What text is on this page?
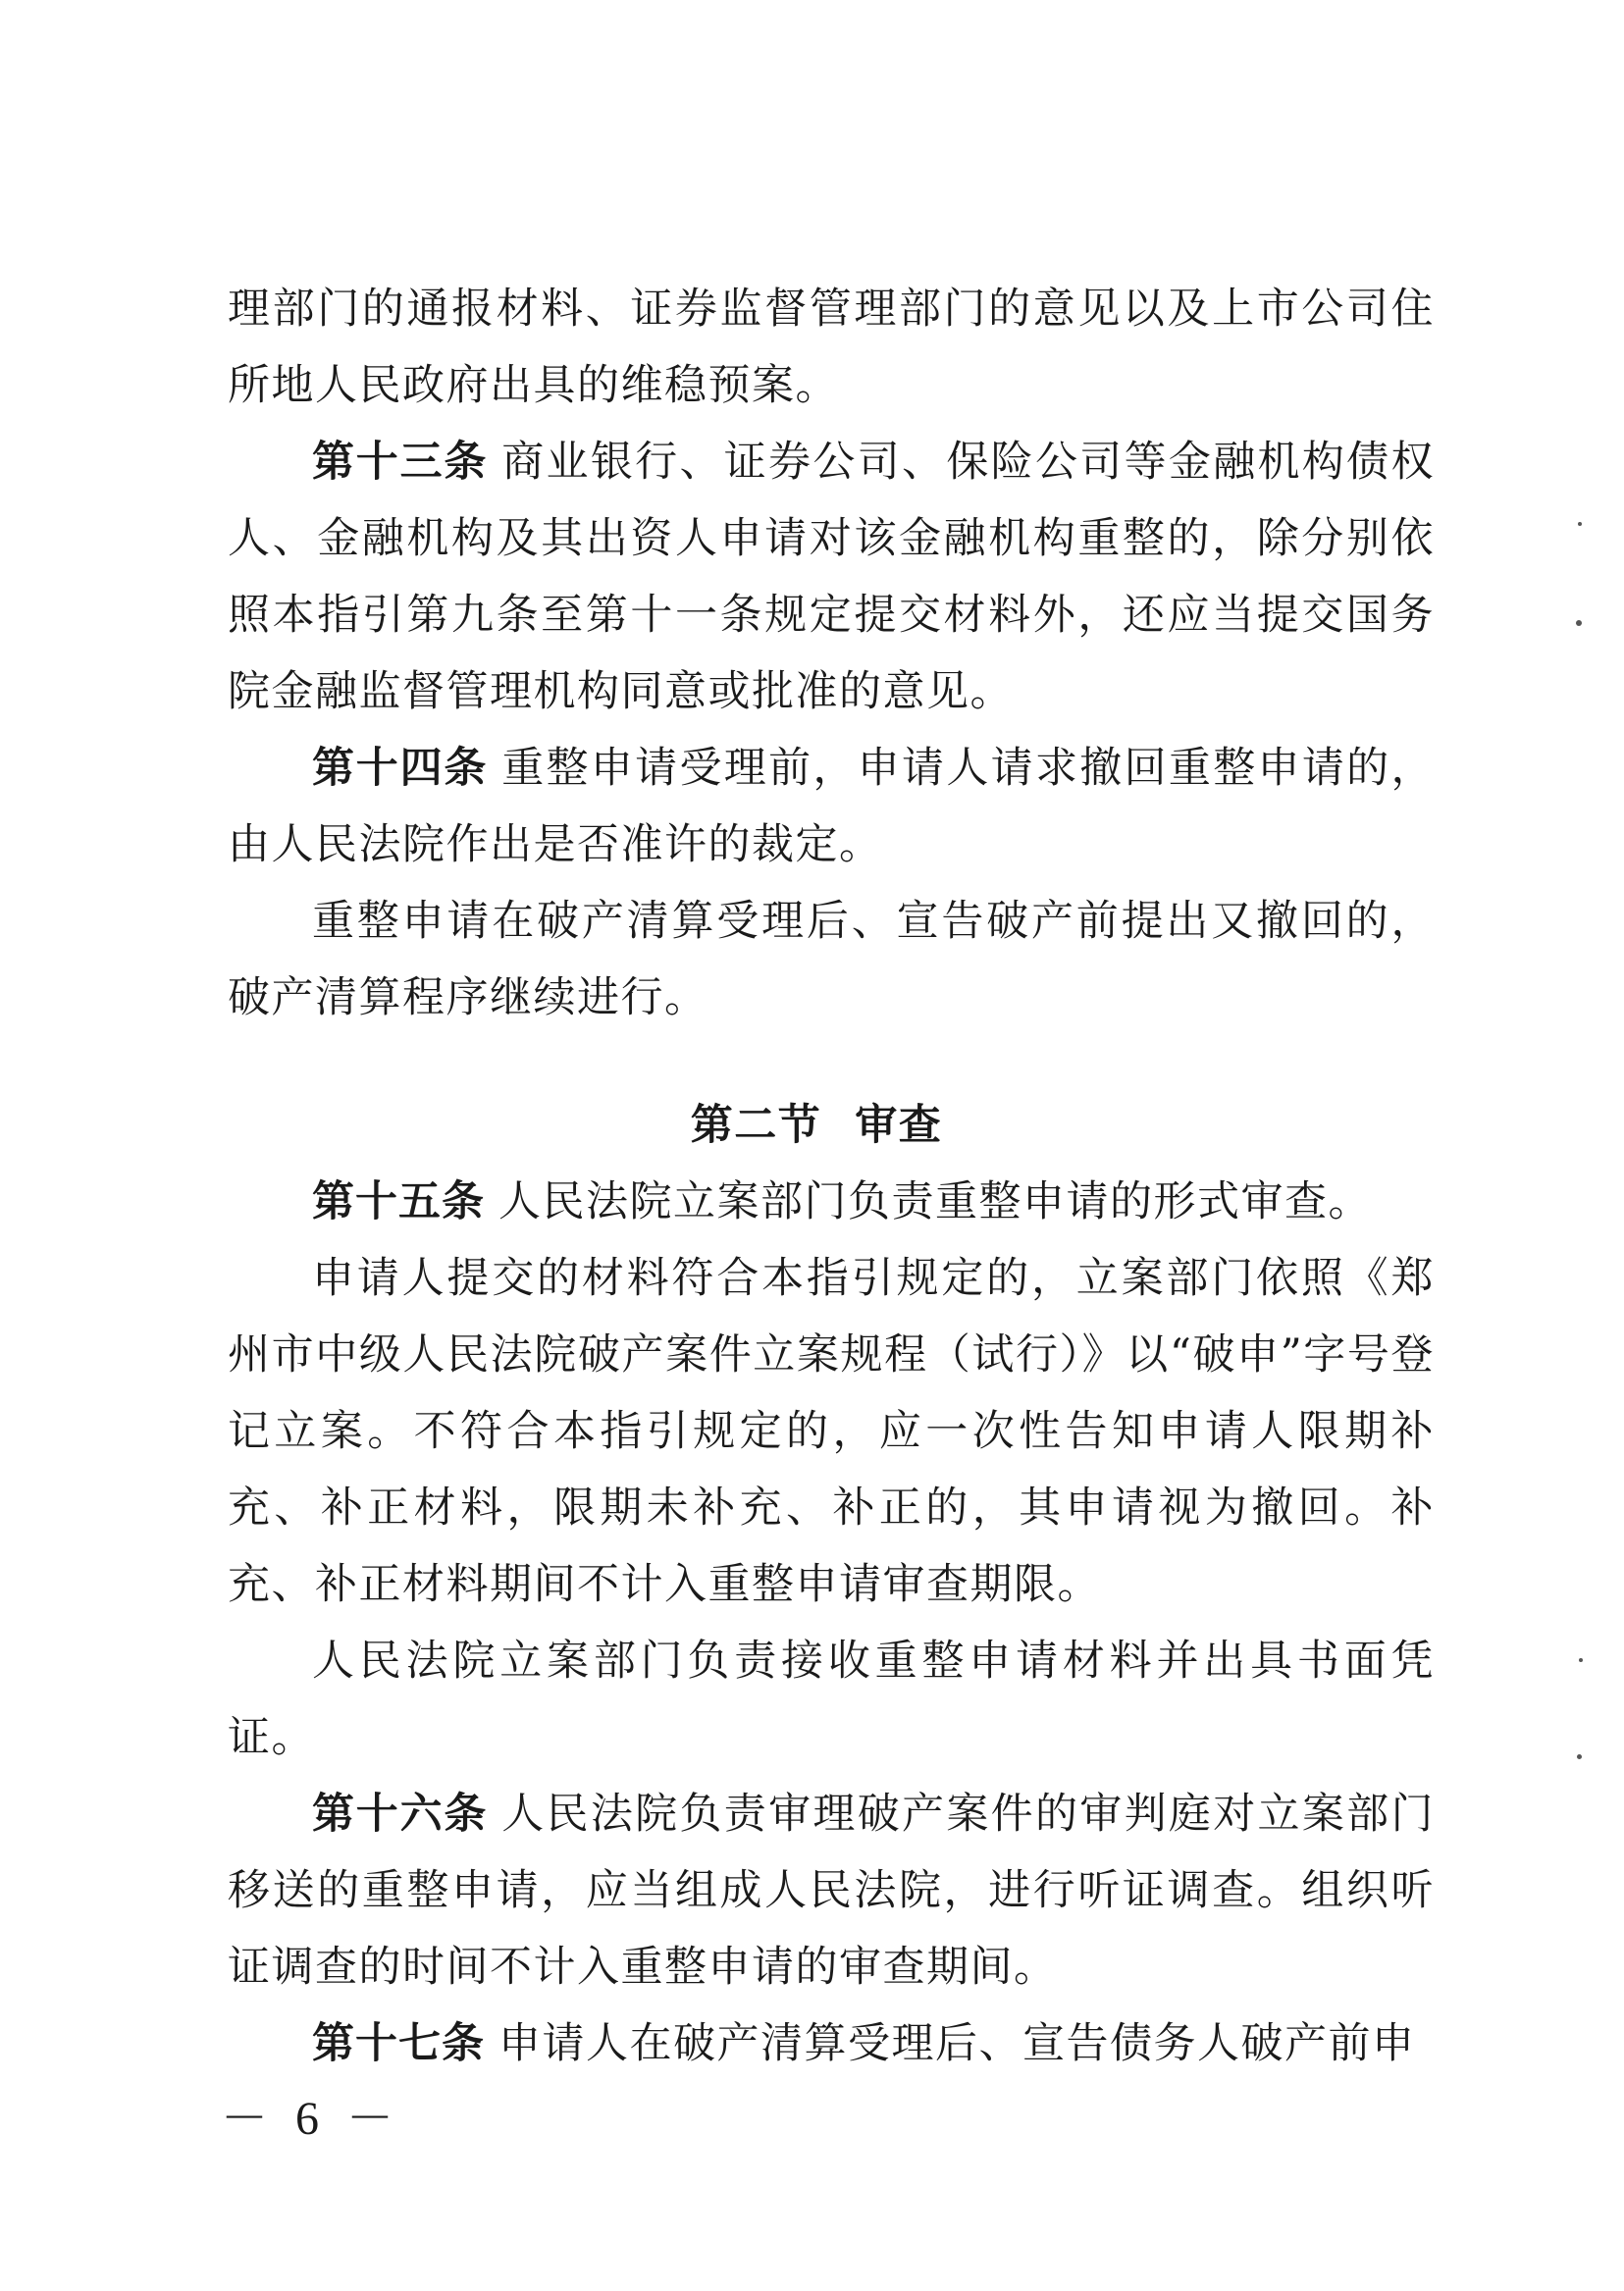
理部门的通报材料、证券监督管理部门的意见以及上市公司住所地人民政府出具的维稳预案。

第十三条 商业银行、证券公司、保险公司等金融机构债权人、金融机构及其出资人申请对该金融机构重整的，除分别依照本指引第九条至第十一条规定提交材料外，还应当提交国务院金融监督管理机构同意或批准的意见。

第十四条 重整申请受理前，申请人请求撤回重整申请的，由人民法院作出是否准许的裁定。

重整申请在破产清算受理后、宣告破产前提出又撤回的，破产清算程序继续进行。

第二节 审查

第十五条 人民法院立案部门负责重整申请的形式审查。

申请人提交的材料符合本指引规定的，立案部门依照《郑州市中级人民法院破产案件立案规程（试行）》以“破申”字号登记立案。不符合本指引规定的，应一次性告知申请人限期补充、补正材料，限期未补充、补正的，其申请视为撤回。补充、补正材料期间不计入重整申请审查期限。

人民法院立案部门负责接收重整申请材料并出具书面凭证。

第十六条 人民法院负责审理破产案件的审判庭对立案部门移送的重整申请，应当组成人民法院，进行听证调查。组织听证调查的时间不计入重整申请的审查期间。

第十七条 申请人在破产清算受理后、宣告债务人破产前申

－ 6 －
